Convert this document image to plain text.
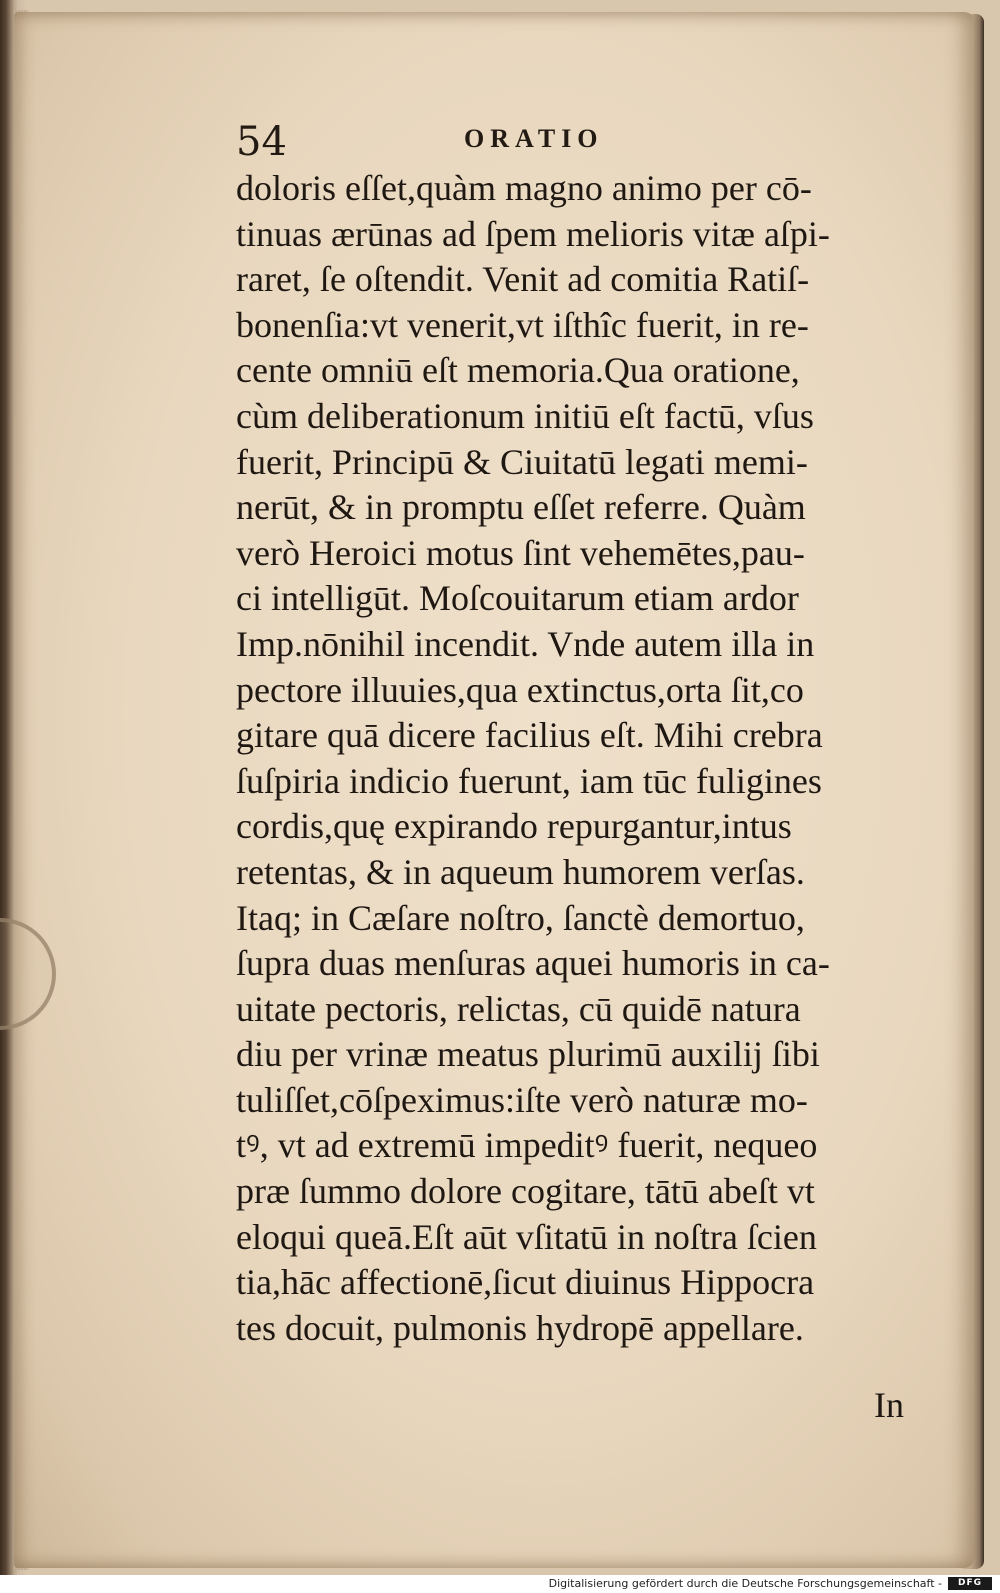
54	ORATIO
doloris eſſet,quàm magno animo per cō-
tinuas ærūnas ad ſpem melioris vitæ aſpi-
raret, ſe oſtendit. Venit ad comitia Ratiſ-
bonenſia:vt venerit,vt iſthîc fuerit, in re-
cente omniū eſt memoria.Qua oratione,
cùm deliberationum initiū eſt factū, vſus
fuerit, Principū & Ciuitatū legati memi-
nerūt, & in promptu eſſet referre. Quàm
verò Heroici motus ſint vehemētes,pau-
ci intelligūt. Moſcouitarum etiam ardor
Imp.nōnihil incendit. Vnde autem illa in
pectore illuuies,qua extinctus,orta ſit,co
gitare quā dicere facilius eſt. Mihi crebra
ſuſpiria indicio fuerunt, iam tūc fuligines
cordis,quę expirando repurgantur,intus
retentas, & in aqueum humorem verſas.
Itaq; in Cæſare noſtro, ſanctè demortuo,
ſupra duas menſuras aquei humoris in ca-
uitate pectoris, relictas, cū quidē natura
diu per vrinæ meatus plurimū auxilij ſibi
tuliſſet,cōſpeximus:iſte verò naturæ mo-
tꝰ, vt ad extremū impeditꝰ fuerit, nequeo
præ ſummo dolore cogitare, tātū abeſt vt
eloqui queā.Eſt aūt vſitatū in noſtra ſcien
tia,hāc affectionē,ſicut diuinus Hippocra
tes docuit, pulmonis hydropē appellare.
In
Digitalisierung gefördert durch die Deutsche Forschungsgemeinschaft -	DFG
